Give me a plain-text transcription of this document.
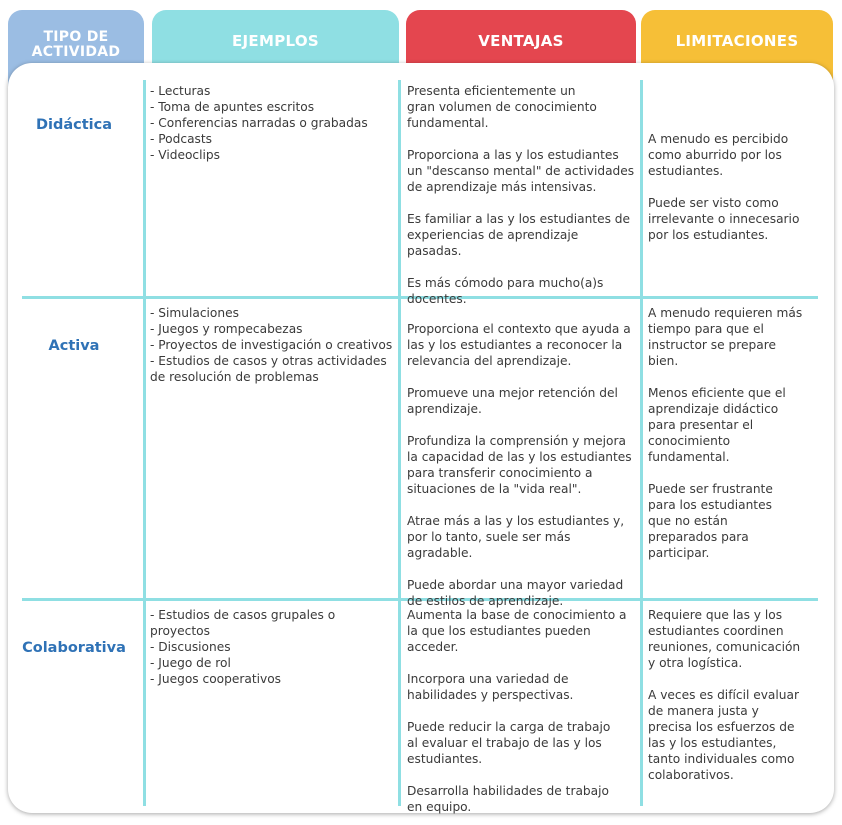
TIPO DE ACTIVIDAD
EJEMPLOS	VENTAJAS	LIMITACIONES
Didáctica
- Lecturas
- Toma de apuntes escritos
- Conferencias narradas o grabadas
- Podcasts
- Videoclips
Presenta eficientemente un gran volumen de conocimiento fundamental.
Proporciona a las y los estudiantes un "descanso mental" de actividades de aprendizaje más intensivas.
Es familiar a las y los estudiantes de experiencias de aprendizaje pasadas.
Es más cómodo para mucho(a)s docentes.
A menudo es percibido como aburrido por los estudiantes.
Puede ser visto como irrelevante o innecesario por los estudiantes.
Activa
- Simulaciones
- Juegos y rompecabezas
- Proyectos de investigación o creativos
- Estudios de casos y otras actividades de resolución de problemas
Proporciona el contexto que ayuda a las y los estudiantes a reconocer la relevancia del aprendizaje.
Promueve una mejor retención del aprendizaje.
Profundiza la comprensión y mejora la capacidad de las y los estudiantes para transferir conocimiento a situaciones de la "vida real".
Atrae más a las y los estudiantes y, por lo tanto, suele ser más agradable.
Puede abordar una mayor variedad de estilos de aprendizaje.
A menudo requieren más tiempo para que el instructor se prepare bien.
Menos eficiente que el aprendizaje didáctico para presentar el conocimiento fundamental.
Puede ser frustrante para los estudiantes que no están preparados para participar.
Colaborativa
- Estudios de casos grupales o proyectos
- Discusiones
- Juego de rol
- Juegos cooperativos
Aumenta la base de conocimiento a la que los estudiantes pueden acceder.
Incorpora una variedad de habilidades y perspectivas.
Puede reducir la carga de trabajo al evaluar el trabajo de las y los estudiantes.
Desarrolla habilidades de trabajo en equipo.
Requiere que las y los estudiantes coordinen reuniones, comunicación y otra logística.
A veces es difícil evaluar de manera justa y precisa los esfuerzos de las y los estudiantes, tanto individuales como colaborativos.
